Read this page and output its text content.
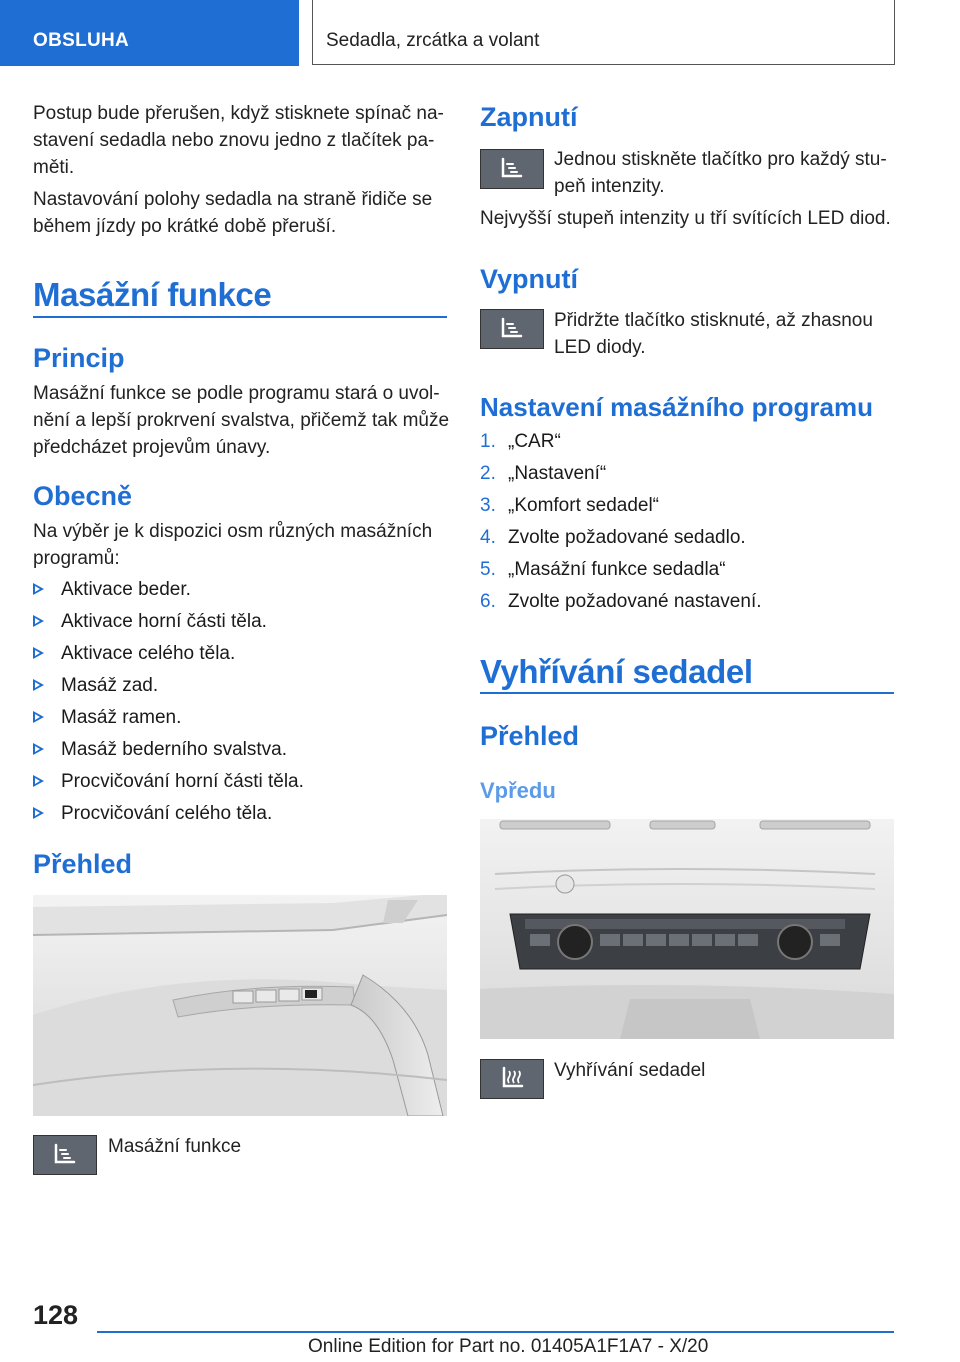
OBSLUHA	Sedadla, zrcátka a volant
Postup bude přerušen, když stisknete spínač na-
stavení sedadla nebo znovu jedno z tlačítek pa-
měti.
Nastavování polohy sedadla na straně řidiče se
během jízdy po krátké době přeruší.
Masážní funkce
Princip
Masážní funkce se podle programu stará o uvol-
nění a lepší prokrvení svalstva, přičemž tak může
předcházet projevům únavy.
Obecně
Na výběr je k dispozici osm různých masážních
programů:
Aktivace beder.
Aktivace horní části těla.
Aktivace celého těla.
Masáž zad.
Masáž ramen.
Masáž bederního svalstva.
Procvičování horní části těla.
Procvičování celého těla.
Přehled
Masážní funkce
Zapnutí
Jednou stiskněte tlačítko pro každý stu-
peň intenzity.
Nejvyšší stupeň intenzity u tří svítících LED diod.
Vypnutí
Přidržte tlačítko stisknuté, až zhasnou
LED diody.
Nastavení masážního programu
1. „CAR“
2. „Nastavení“
3. „Komfort sedadel“
4. Zvolte požadované sedadlo.
5. „Masážní funkce sedadla“
6. Zvolte požadované nastavení.
Vyhřívání sedadel
Přehled
Vpředu
Vyhřívání sedadel
128
Online Edition for Part no. 01405A1F1A7 - X/20
